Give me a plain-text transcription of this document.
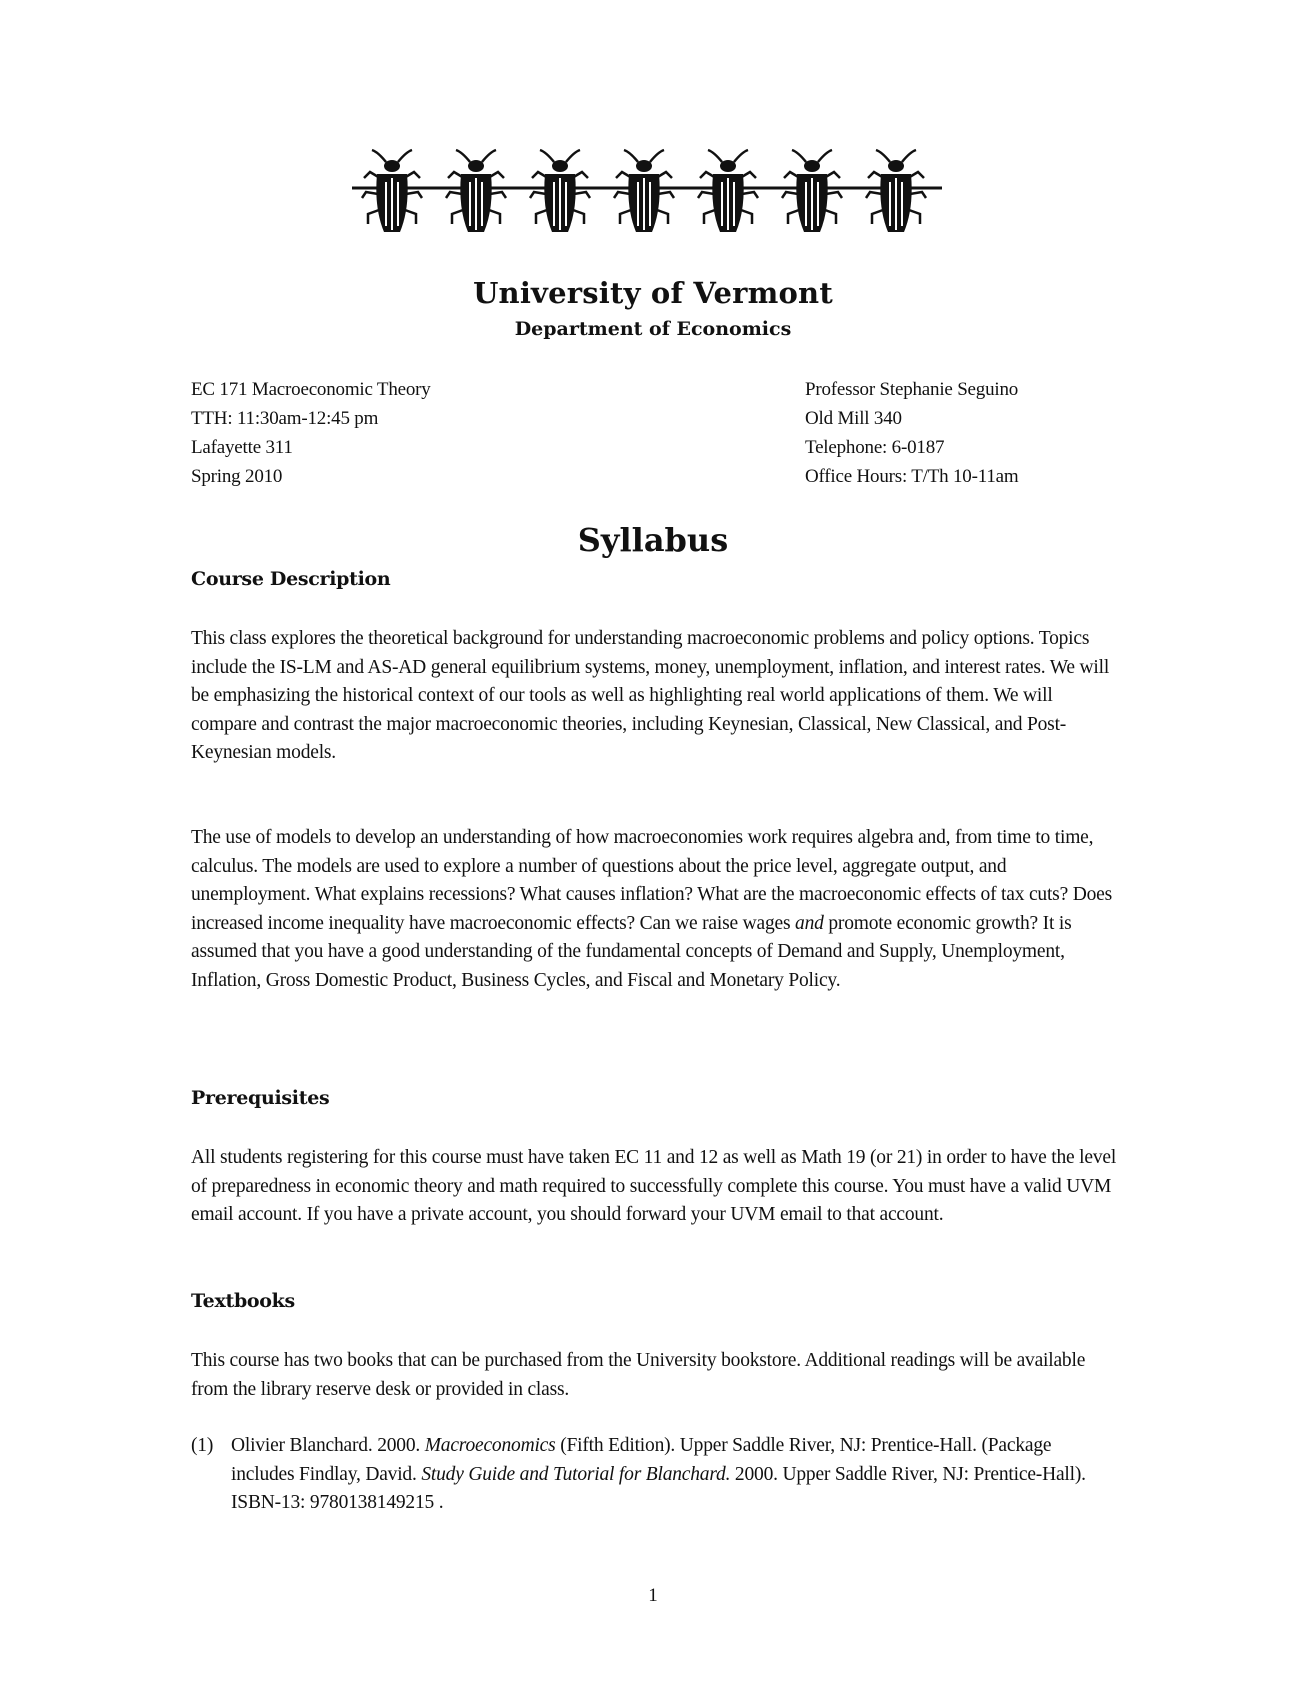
University of Vermont
Department of Economics
EC 171 Macroeconomic Theory
TTH: 11:30am-12:45 pm
Lafayette 311
Spring 2010
Professor Stephanie Seguino
Old Mill 340
Telephone: 6-0187
Office Hours: T/Th 10-11am
Syllabus
Course Description
This class explores the theoretical background for understanding macroeconomic problems and policy options. Topics include the IS-LM and AS-AD general equilibrium systems, money, unemployment, inflation, and interest rates. We will be emphasizing the historical context of our tools as well as highlighting real world applications of them. We will compare and contrast the major macroeconomic theories, including Keynesian, Classical, New Classical, and Post-Keynesian models.
The use of models to develop an understanding of how macroeconomies work requires algebra and, from time to time, calculus. The models are used to explore a number of questions about the price level, aggregate output, and unemployment. What explains recessions? What causes inflation? What are the macroeconomic effects of tax cuts? Does increased income inequality have macroeconomic effects? Can we raise wages and promote economic growth? It is assumed that you have a good understanding of the fundamental concepts of Demand and Supply, Unemployment, Inflation, Gross Domestic Product, Business Cycles, and Fiscal and Monetary Policy.
Prerequisites
All students registering for this course must have taken EC 11 and 12 as well as Math 19 (or 21) in order to have the level of preparedness in economic theory and math required to successfully complete this course. You must have a valid UVM email account. If you have a private account, you should forward your UVM email to that account.
Textbooks
This course has two books that can be purchased from the University bookstore. Additional readings will be available from the library reserve desk or provided in class.
(1) Olivier Blanchard. 2000. Macroeconomics (Fifth Edition). Upper Saddle River, NJ: Prentice-Hall. (Package includes Findlay, David. Study Guide and Tutorial for Blanchard. 2000. Upper Saddle River, NJ: Prentice-Hall). ISBN-13: 9780138149215 .
1
